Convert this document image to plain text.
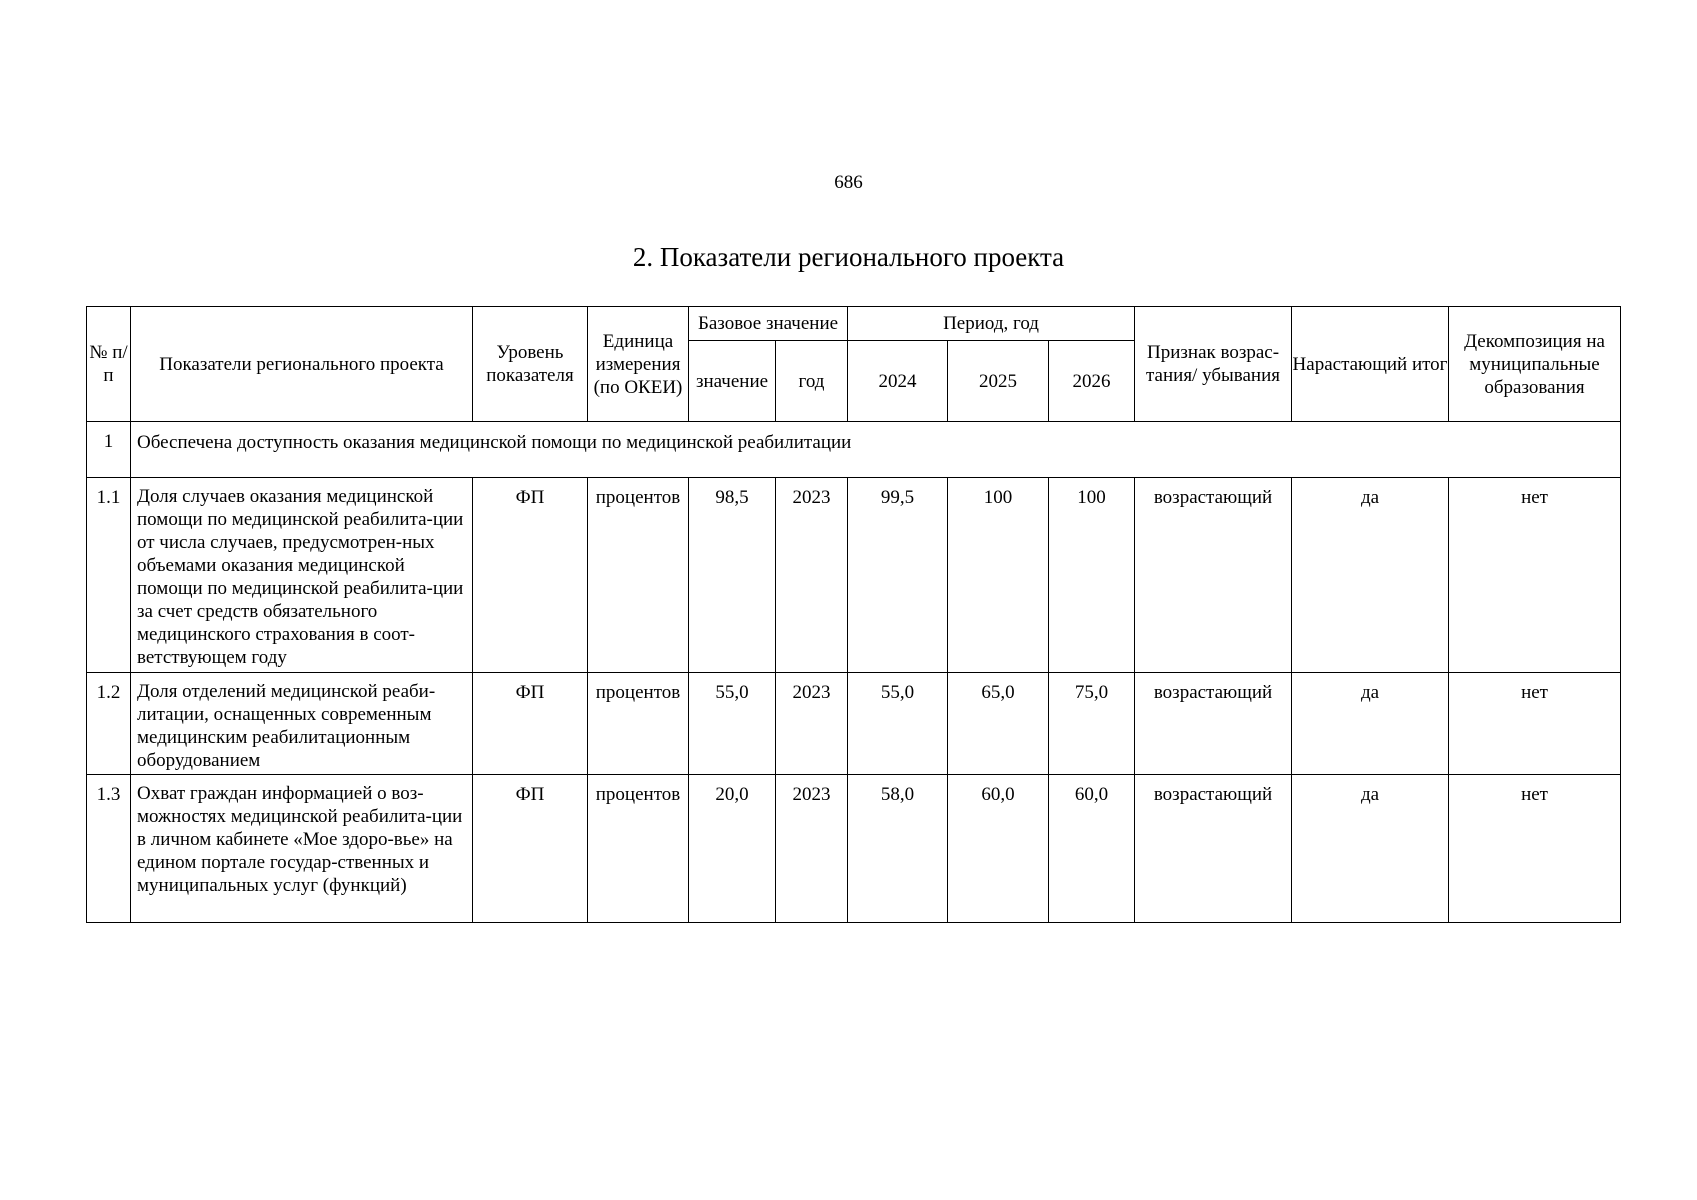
686
2. Показатели регионального проекта
№ п/п	Показатели регионального проекта	Уровень показателя	Единица измерения (по ОКЕИ)	Базовое значение		Период, год			Признак возрас-тания/ убывания	Нарастающий итог	Декомпозиция на муниципальные образования
				значение	год	2024	2025	2026			
1	Обеспечена доступность оказания медицинской помощи по медицинской реабилитации										
1.1	Доля случаев оказания медицинской помощи по медицинской реабилита-ции от числа случаев, предусмотрен-ных объемами оказания медицинской помощи по медицинской реабилита-ции за счет средств обязательного медицинского страхования в соот-ветствующем году	ФП	процентов	98,5	2023	99,5	100	100	возрастающий	да	нет
1.2	Доля отделений медицинской реаби-литации, оснащенных современным медицинским реабилитационным оборудованием	ФП	процентов	55,0	2023	55,0	65,0	75,0	возрастающий	да	нет
1.3	Охват граждан информацией о воз-можностях медицинской реабилита-ции в личном кабинете «Мое здоро-вье» на едином портале государ-ственных и муниципальных услуг (функций)	ФП	процентов	20,0	2023	58,0	60,0	60,0	возрастающий	да	нет
